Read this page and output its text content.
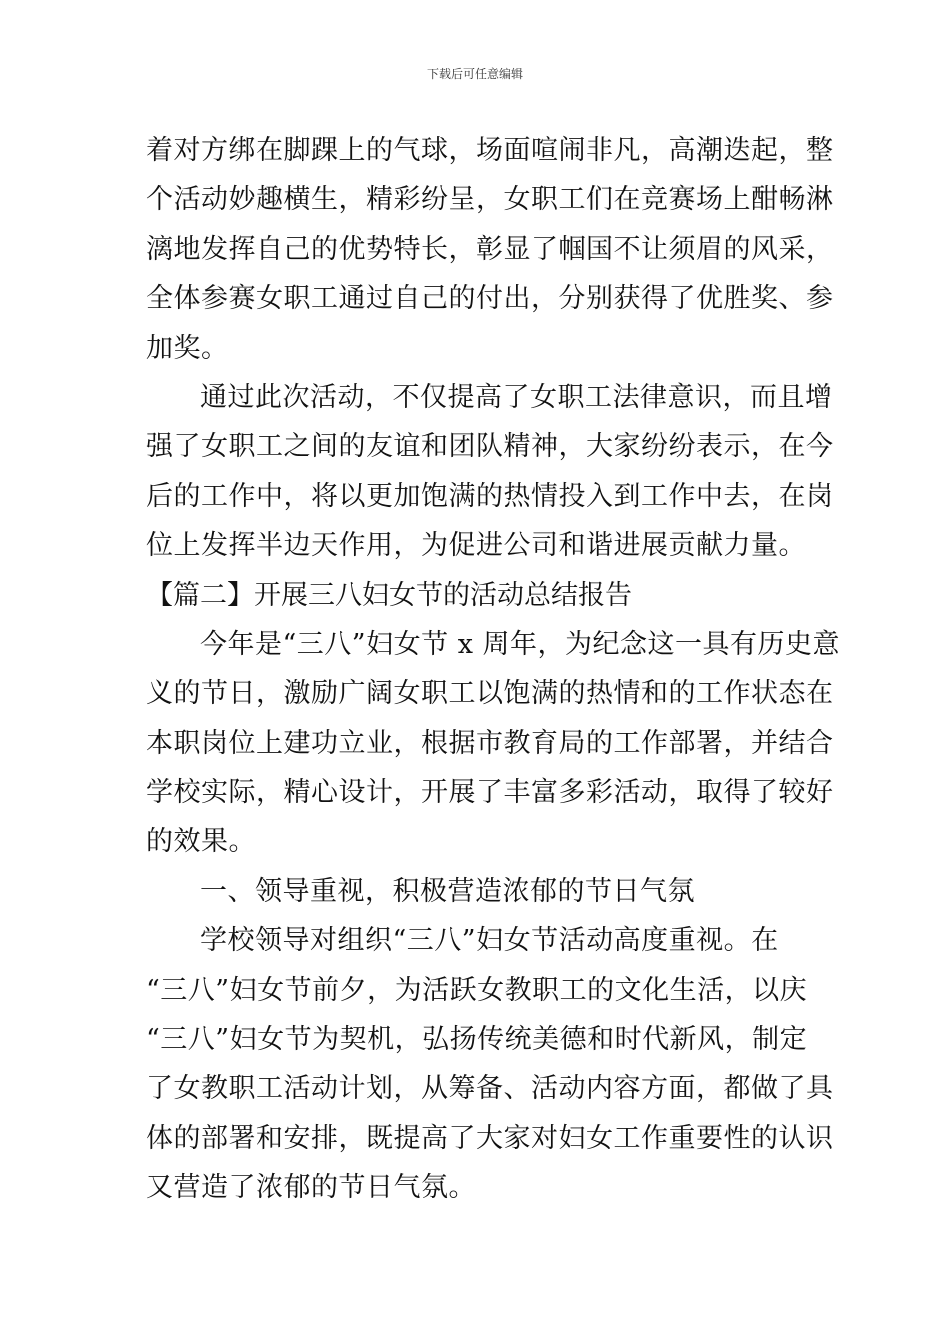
下载后可任意编辑
着对方绑在脚踝上的气球，场面喧闹非凡，高潮迭起，整
个活动妙趣横生，精彩纷呈，女职工们在竞赛场上酣畅淋
漓地发挥自己的优势特长，彰显了帼国不让须眉的风采，
全体参赛女职工通过自己的付出，分别获得了优胜奖、参
加奖。
通过此次活动，不仅提高了女职工法律意识，而且增
强了女职工之间的友谊和团队精神，大家纷纷表示，在今
后的工作中，将以更加饱满的热情投入到工作中去，在岗
位上发挥半边天作用，为促进公司和谐进展贡献力量。
【篇二】开展三八妇女节的活动总结报告
今年是“三八”妇女节 x 周年，为纪念这一具有历史意
义的节日，激励广阔女职工以饱满的热情和的工作状态在
本职岗位上建功立业，根据市教育局的工作部署，并结合
学校实际，精心设计，开展了丰富多彩活动，取得了较好
的效果。
一、领导重视，积极营造浓郁的节日气氛
学校领导对组织“三八”妇女节活动高度重视。在
“三八”妇女节前夕，为活跃女教职工的文化生活，以庆
“三八”妇女节为契机，弘扬传统美德和时代新风，制定
了女教职工活动计划，从筹备、活动内容方面，都做了具
体的部署和安排，既提高了大家对妇女工作重要性的认识
又营造了浓郁的节日气氛。
